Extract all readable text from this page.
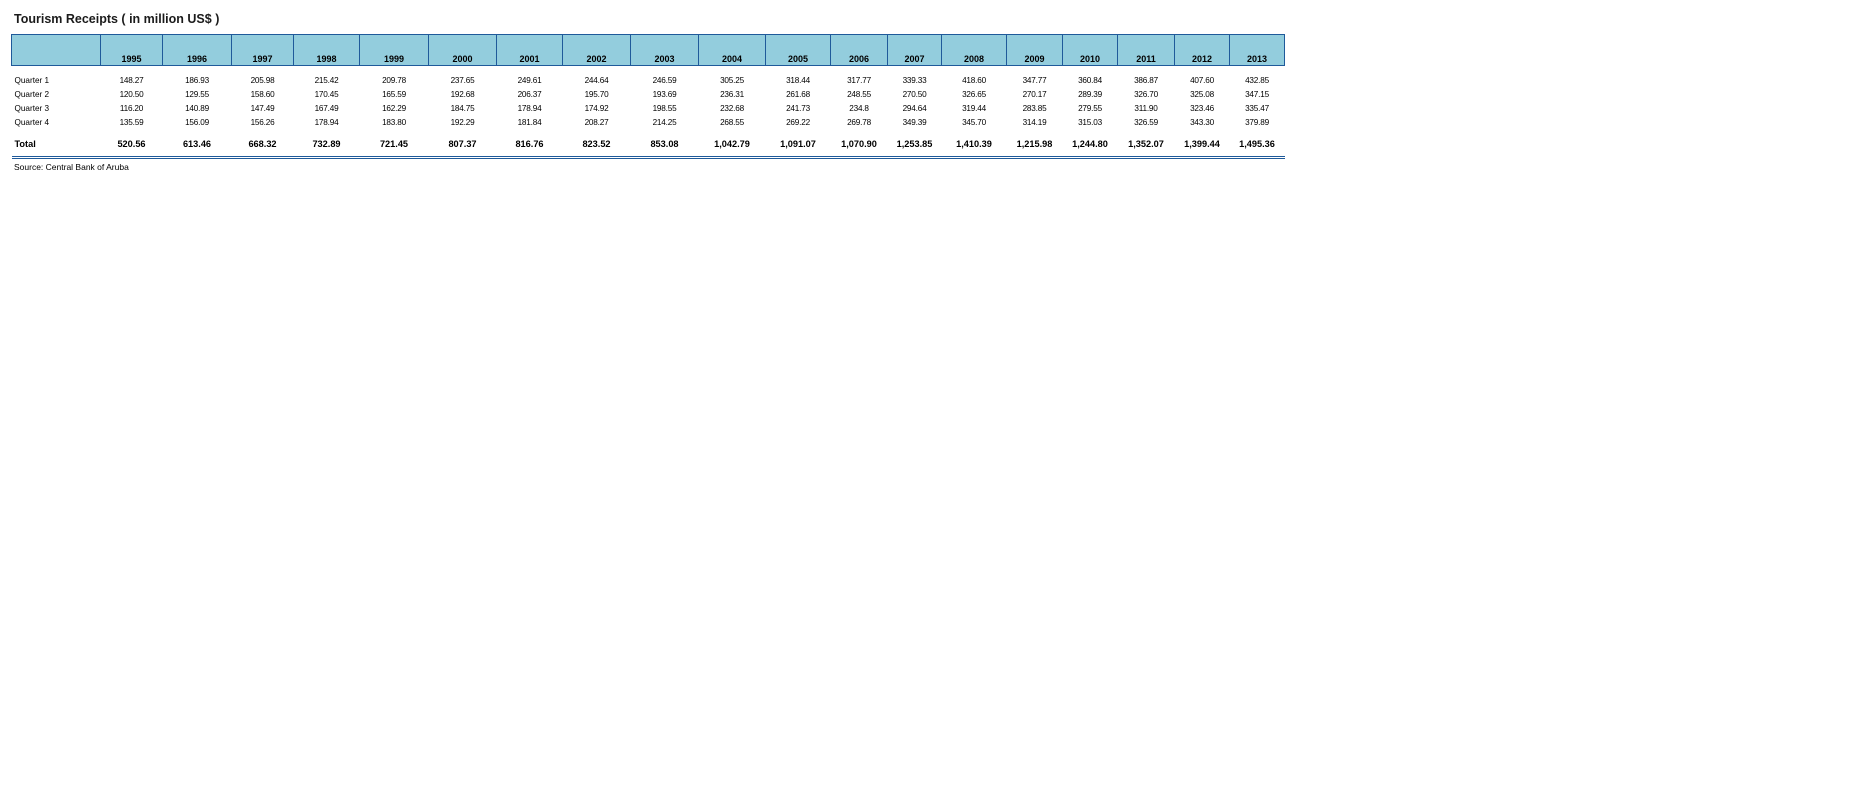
Tourism Receipts ( in million US$ )

	1995	1996	1997	1998	1999	2000	2001	2002	2003	2004	2005	2006	2007	2008	2009	2010	2011	2012	2013

Quarter 1	148.27	186.93	205.98	215.42	209.78	237.65	249.61	244.64	246.59	305.25	318.44	317.77	339.33	418.60	347.77	360.84	386.87	407.60	432.85
Quarter 2	120.50	129.55	158.60	170.45	165.59	192.68	206.37	195.70	193.69	236.31	261.68	248.55	270.50	326.65	270.17	289.39	326.70	325.08	347.15
Quarter 3	116.20	140.89	147.49	167.49	162.29	184.75	178.94	174.92	198.55	232.68	241.73	234.8	294.64	319.44	283.85	279.55	311.90	323.46	335.47
Quarter 4	135.59	156.09	156.26	178.94	183.80	192.29	181.84	208.27	214.25	268.55	269.22	269.78	349.39	345.70	314.19	315.03	326.59	343.30	379.89

Total	520.56	613.46	668.32	732.89	721.45	807.37	816.76	823.52	853.08	1,042.79	1,091.07	1,070.90	1,253.85	1,410.39	1,215.98	1,244.80	1,352.07	1,399.44	1,495.36

Source: Central Bank of Aruba
